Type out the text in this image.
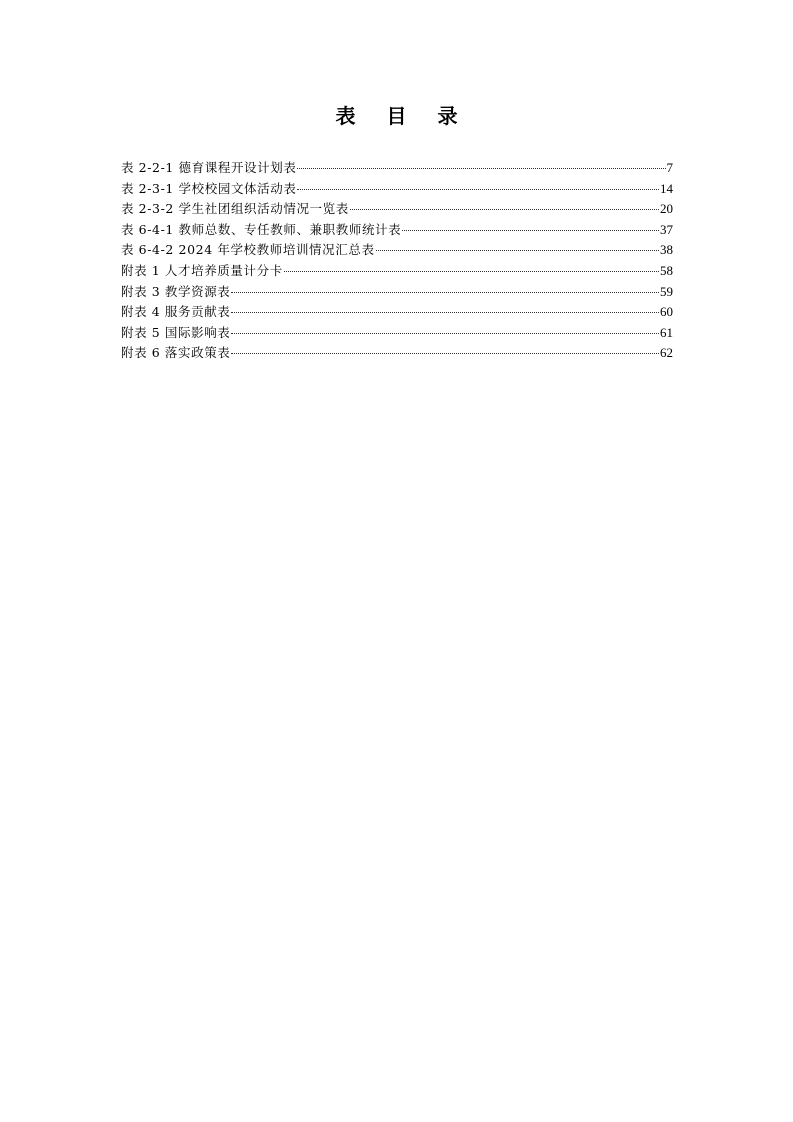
表 目 录
表 2-2-1 德育课程开设计划表	7
表 2-3-1 学校校园文体活动表	14
表 2-3-2 学生社团组织活动情况一览表	20
表 6-4-1 教师总数、专任教师、兼职教师统计表	37
表 6-4-2 2024 年学校教师培训情况汇总表	38
附表 1 人才培养质量计分卡	58
附表 3 教学资源表	59
附表 4 服务贡献表	60
附表 5 国际影响表	61
附表 6 落实政策表	62
